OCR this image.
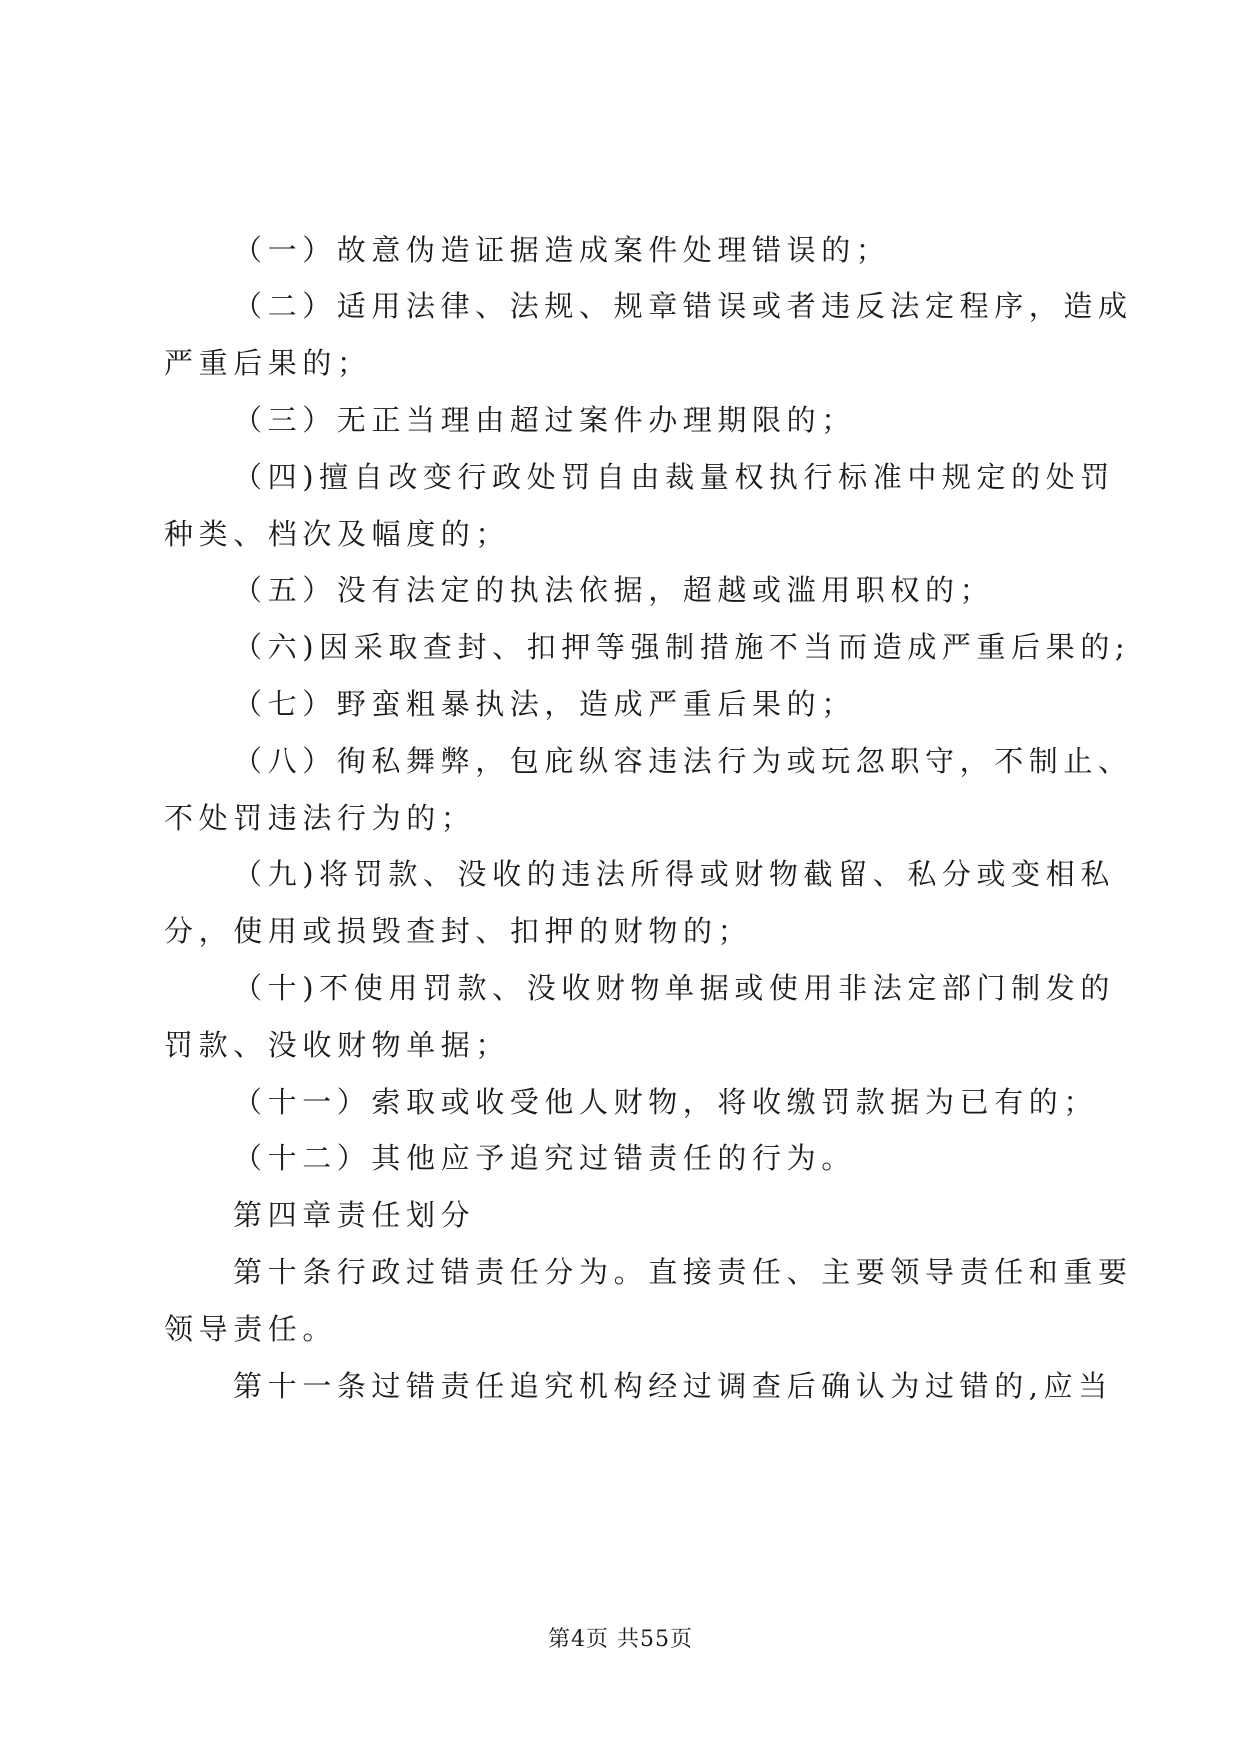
（一）故意伪造证据造成案件处理错误的；
（二）适用法律、法规、规章错误或者违反法定程序，造成
严重后果的；
（三）无正当理由超过案件办理期限的；
（四)擅自改变行政处罚自由裁量权执行标准中规定的处罚
种类、档次及幅度的；
（五）没有法定的执法依据，超越或滥用职权的；
（六)因采取查封、扣押等强制措施不当而造成严重后果的;
（七）野蛮粗暴执法，造成严重后果的；
（八）徇私舞弊，包庇纵容违法行为或玩忽职守，不制止、
不处罚违法行为的；
（九)将罚款、没收的违法所得或财物截留、私分或变相私
分，使用或损毁查封、扣押的财物的；
（十)不使用罚款、没收财物单据或使用非法定部门制发的
罚款、没收财物单据；
（十一）索取或收受他人财物，将收缴罚款据为已有的；
（十二）其他应予追究过错责任的行为。
第四章责任划分
第十条行政过错责任分为。直接责任、主要领导责任和重要
领导责任。
第十一条过错责任追究机构经过调查后确认为过错的,应当
第4页 共55页
